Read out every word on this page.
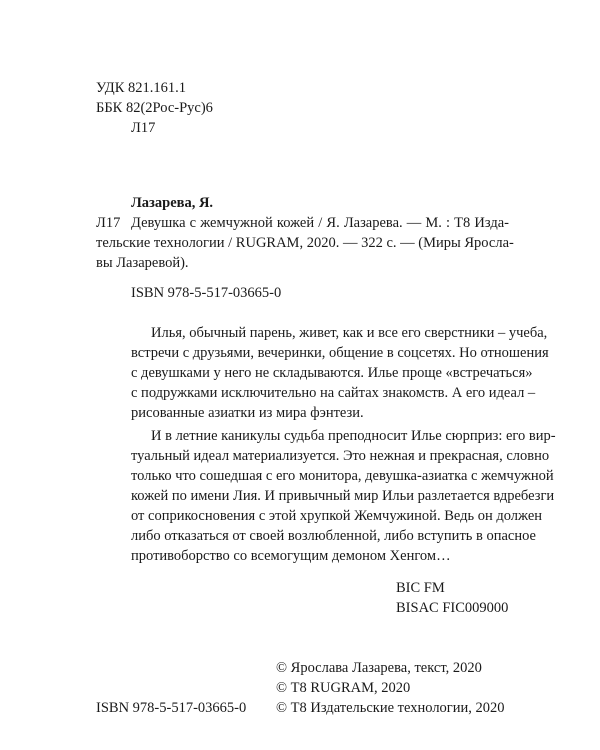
УДК 821.161.1
ББК 82(2Рос-Рус)6
Л17
Лазарева, Я.
Л17 Девушка с жемчужной кожей / Я. Лазарева. — М. : Т8 Изда-
тельские технологии / RUGRAM, 2020. — 322 с. — (Миры Яросла-
вы Лазаревой).
ISBN 978-5-517-03665-0
Илья, обычный парень, живет, как и все его сверстники – учеба,
встречи с друзьями, вечеринки, общение в соцсетях. Но отношения
с девушками у него не складываются. Илье проще «встречаться»
с подружками исключительно на сайтах знакомств. А его идеал –
рисованные азиатки из мира фэнтези.
И в летние каникулы судьба преподносит Илье сюрприз: его вир-
туальный идеал материализуется. Это нежная и прекрасная, словно
только что сошедшая с его монитора, девушка-азиатка с жемчужной
кожей по имени Лия. И привычный мир Ильи разлетается вдребезги
от соприкосновения с этой хрупкой Жемчужиной. Ведь он должен
либо отказаться от своей возлюбленной, либо вступить в опасное
противоборство со всемогущим демоном Хенгом…
BIC FM
BISAC FIC009000
© Ярослава Лазарева, текст, 2020
© Т8 RUGRAM, 2020
ISBN 978-5-517-03665-0 © Т8 Издательские технологии, 2020
